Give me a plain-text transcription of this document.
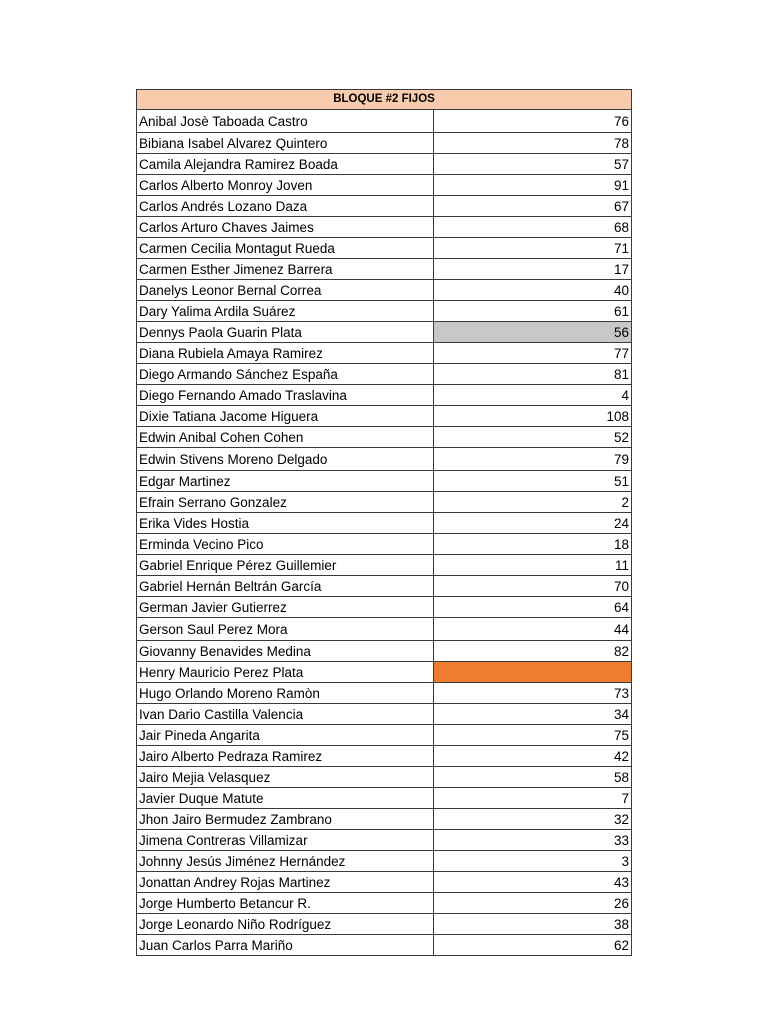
BLOQUE #2 FIJOS	
Anibal Josè Taboada Castro	76
Bibiana Isabel Alvarez Quintero	78
Camila Alejandra Ramirez Boada	57
Carlos Alberto Monroy Joven	91
Carlos Andrés Lozano Daza	67
Carlos Arturo Chaves Jaimes	68
Carmen Cecilia Montagut Rueda	71
Carmen Esther Jimenez Barrera	17
Danelys Leonor Bernal Correa	40
Dary Yalima Ardila Suárez	61
Dennys Paola Guarin Plata	56
Diana Rubiela Amaya Ramirez	77
Diego Armando Sánchez España	81
Diego Fernando Amado Traslavina	4
Dixie Tatiana Jacome Higuera	108
Edwin Anibal Cohen Cohen	52
Edwin Stivens Moreno Delgado	79
Edgar Martinez	51
Efrain Serrano Gonzalez	2
Erika Vides Hostia	24
Erminda Vecino Pico	18
Gabriel Enrique Pérez Guillemier	11
Gabriel Hernán Beltrán García	70
German Javier Gutierrez	64
Gerson Saul Perez Mora	44
Giovanny Benavides Medina	82
Henry Mauricio Perez Plata	
Hugo Orlando Moreno Ramòn	73
Ivan Dario Castilla Valencia	34
Jair Pineda Angarita	75
Jairo Alberto Pedraza Ramirez	42
Jairo Mejia Velasquez	58
Javier Duque Matute	7
Jhon Jairo Bermudez Zambrano	32
Jimena Contreras Villamizar	33
Johnny Jesús Jiménez Hernández	3
Jonattan Andrey Rojas Martinez	43
Jorge Humberto Betancur R.	26
Jorge Leonardo Niño Rodríguez	38
Juan Carlos Parra Mariño	62
